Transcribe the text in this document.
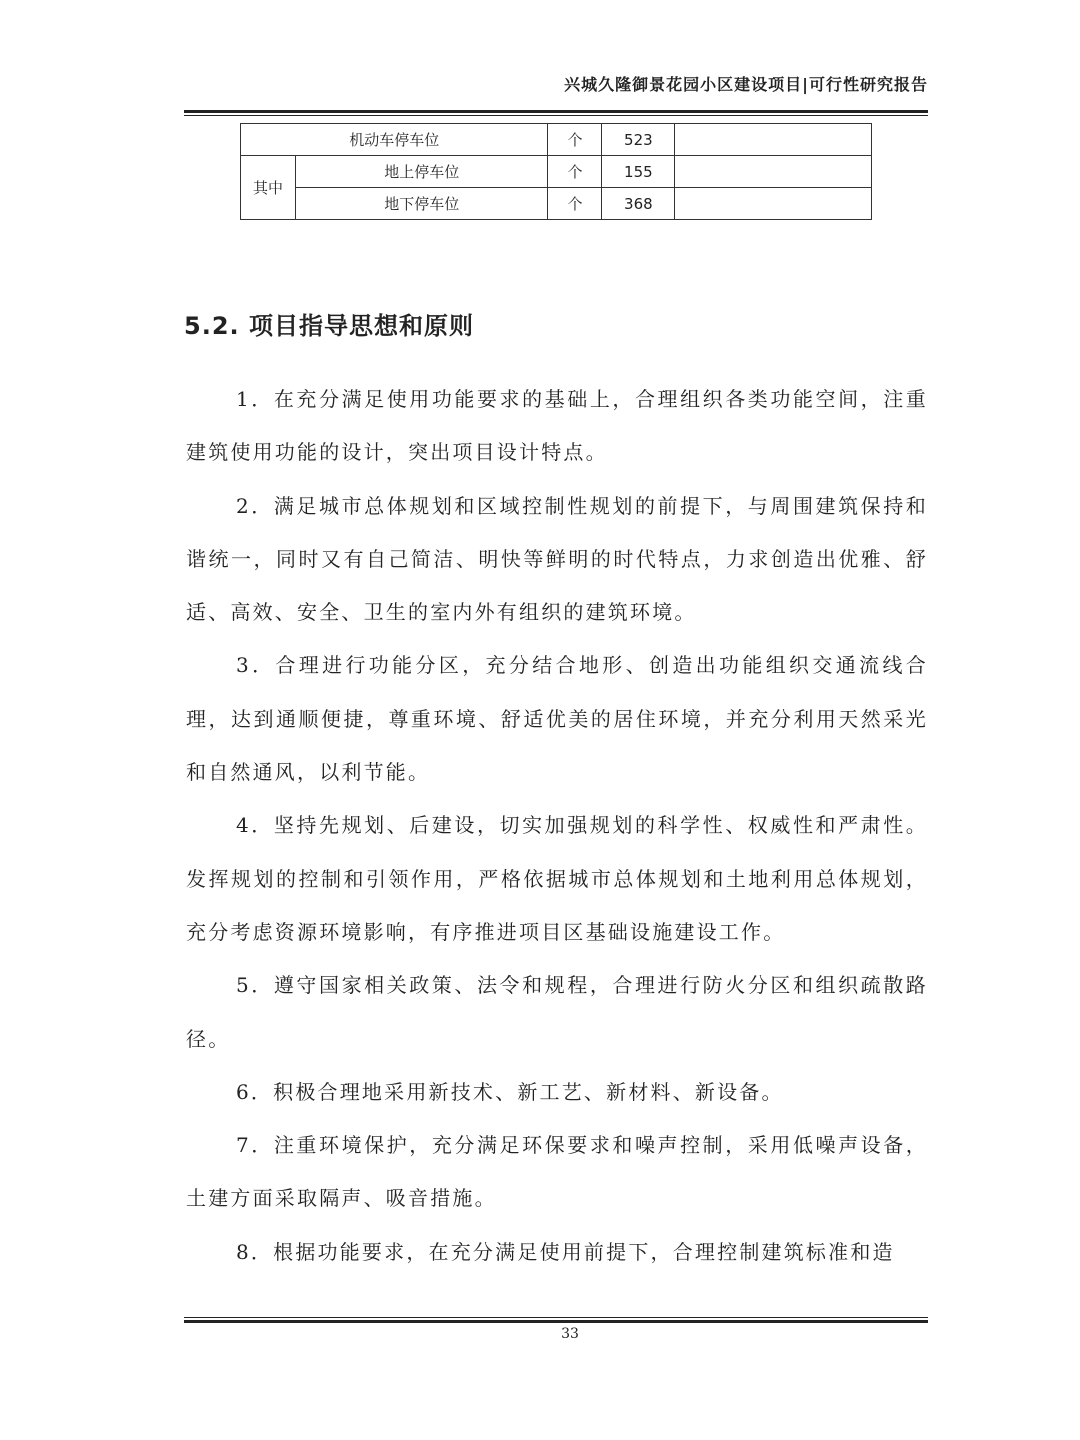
兴城久隆御景花园小区建设项目|可行性研究报告
机动车停车位		个	523	
其中	地上停车位	个	155	
	地下停车位	个	368	
5.2. 项目指导思想和原则

1．在充分满足使用功能要求的基础上，合理组织各类功能空间，注重建筑使用功能的设计，突出项目设计特点。

2．满足城市总体规划和区域控制性规划的前提下，与周围建筑保持和谐统一，同时又有自己简洁、明快等鲜明的时代特点，力求创造出优雅、舒适、高效、安全、卫生的室内外有组织的建筑环境。

3．合理进行功能分区，充分结合地形、创造出功能组织交通流线合理，达到通顺便捷，尊重环境、舒适优美的居住环境，并充分利用天然采光和自然通风，以利节能。

4．坚持先规划、后建设，切实加强规划的科学性、权威性和严肃性。发挥规划的控制和引领作用，严格依据城市总体规划和土地利用总体规划，充分考虑资源环境影响，有序推进项目区基础设施建设工作。

5．遵守国家相关政策、法令和规程，合理进行防火分区和组织疏散路径。

6．积极合理地采用新技术、新工艺、新材料、新设备。

7．注重环境保护，充分满足环保要求和噪声控制，采用低噪声设备，土建方面采取隔声、吸音措施。

8．根据功能要求，在充分满足使用前提下，合理控制建筑标准和造

33
